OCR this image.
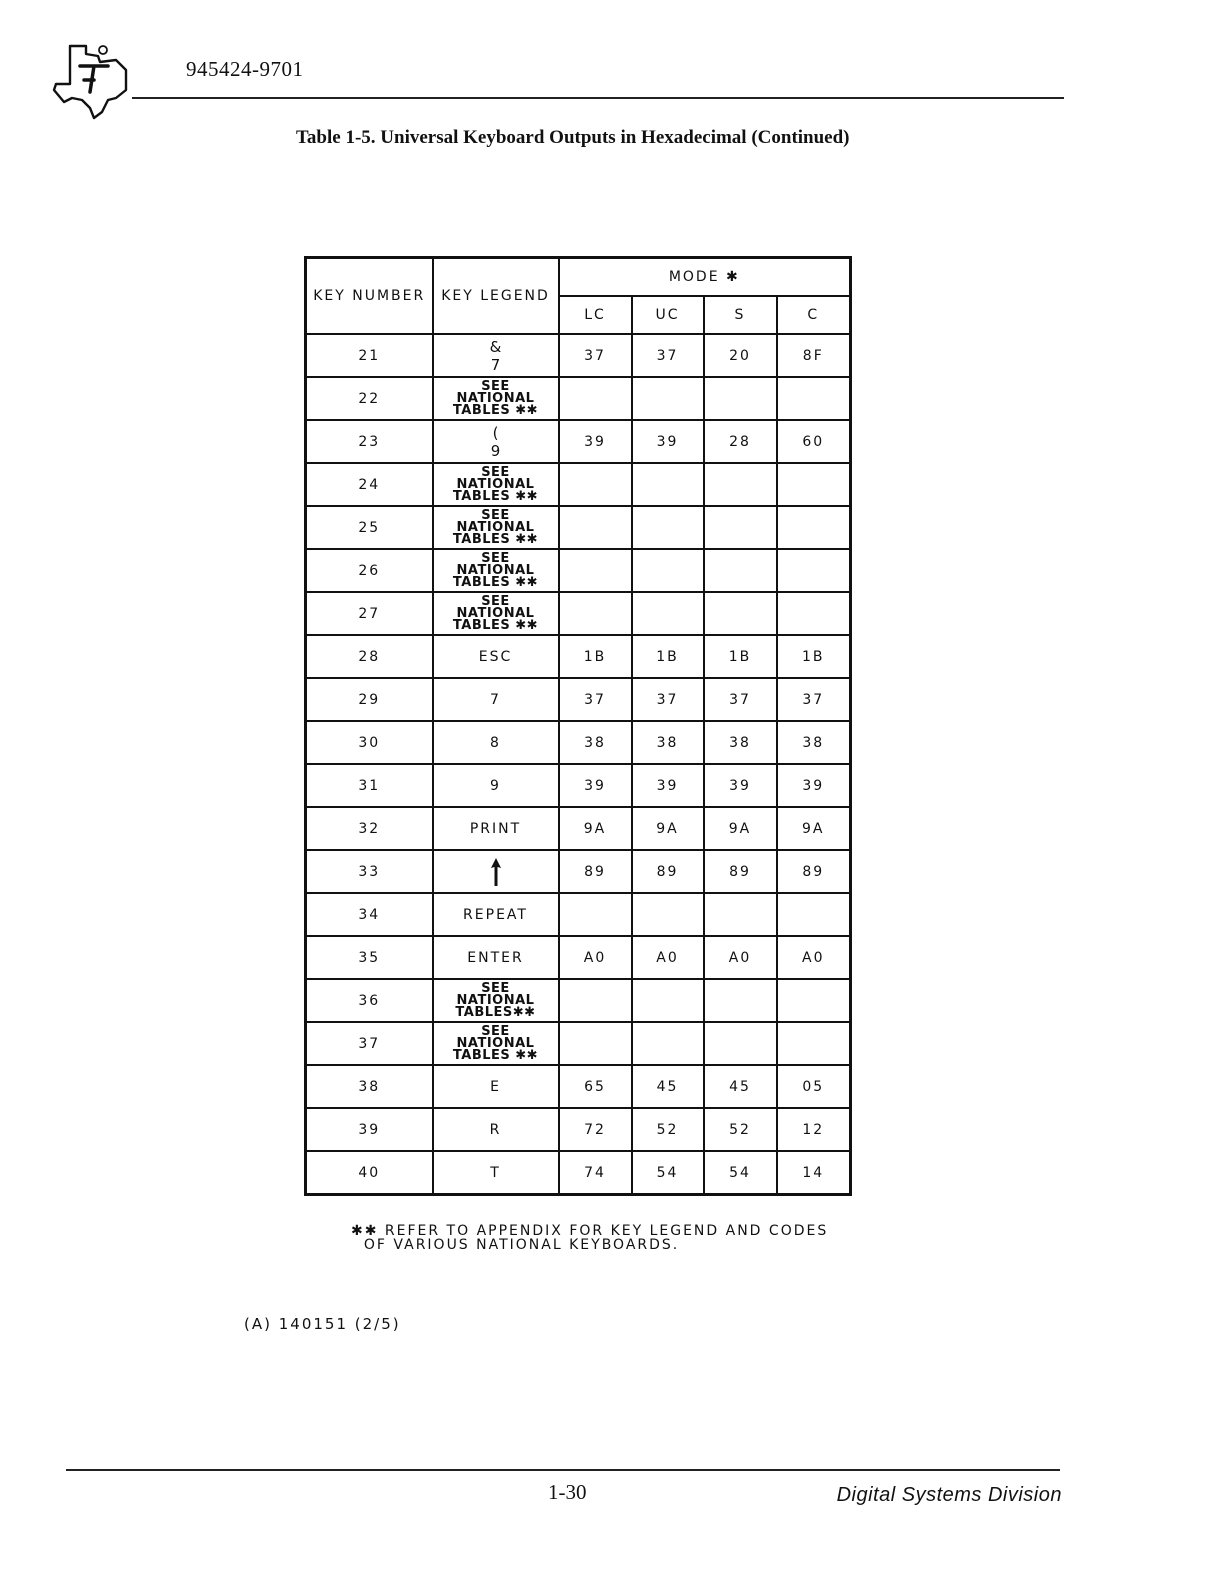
945424-9701
Table 1-5. Universal Keyboard Outputs in Hexadecimal (Continued)
KEY NUMBER	KEY LEGEND	MODE ✱			
		LC	UC	S	C
21	&
7	37	37	20	8F
22	SEE
NATIONAL
TABLES ✱✱				

23	(
9	39	39	28	60
24	SEE
NATIONAL
TABLES ✱✱				

25	SEE
NATIONAL
TABLES ✱✱				

26	SEE
NATIONAL
TABLES ✱✱				

27	SEE
NATIONAL
TABLES ✱✱				

28	ESC	1B	1B	1B	1B
29	7	37	37	37	37
30	8	38	38	38	38
31	9	39	39	39	39
32	PRINT	9A	9A	9A	9A
33		89	89	89	89
34	REPEAT				

35	ENTER	A0	A0	A0	A0
36	SEE
NATIONAL
TABLES✱✱				

37	SEE
NATIONAL
TABLES ✱✱				

38	E	65	45	45	05
39	R	72	52	52	12
40	T	74	54	54	14
✱✱ REFER TO APPENDIX FOR KEY LEGEND AND CODES
OF VARIOUS NATIONAL KEYBOARDS.
(A) 140151 (2/5)
1-30	Digital Systems Division
